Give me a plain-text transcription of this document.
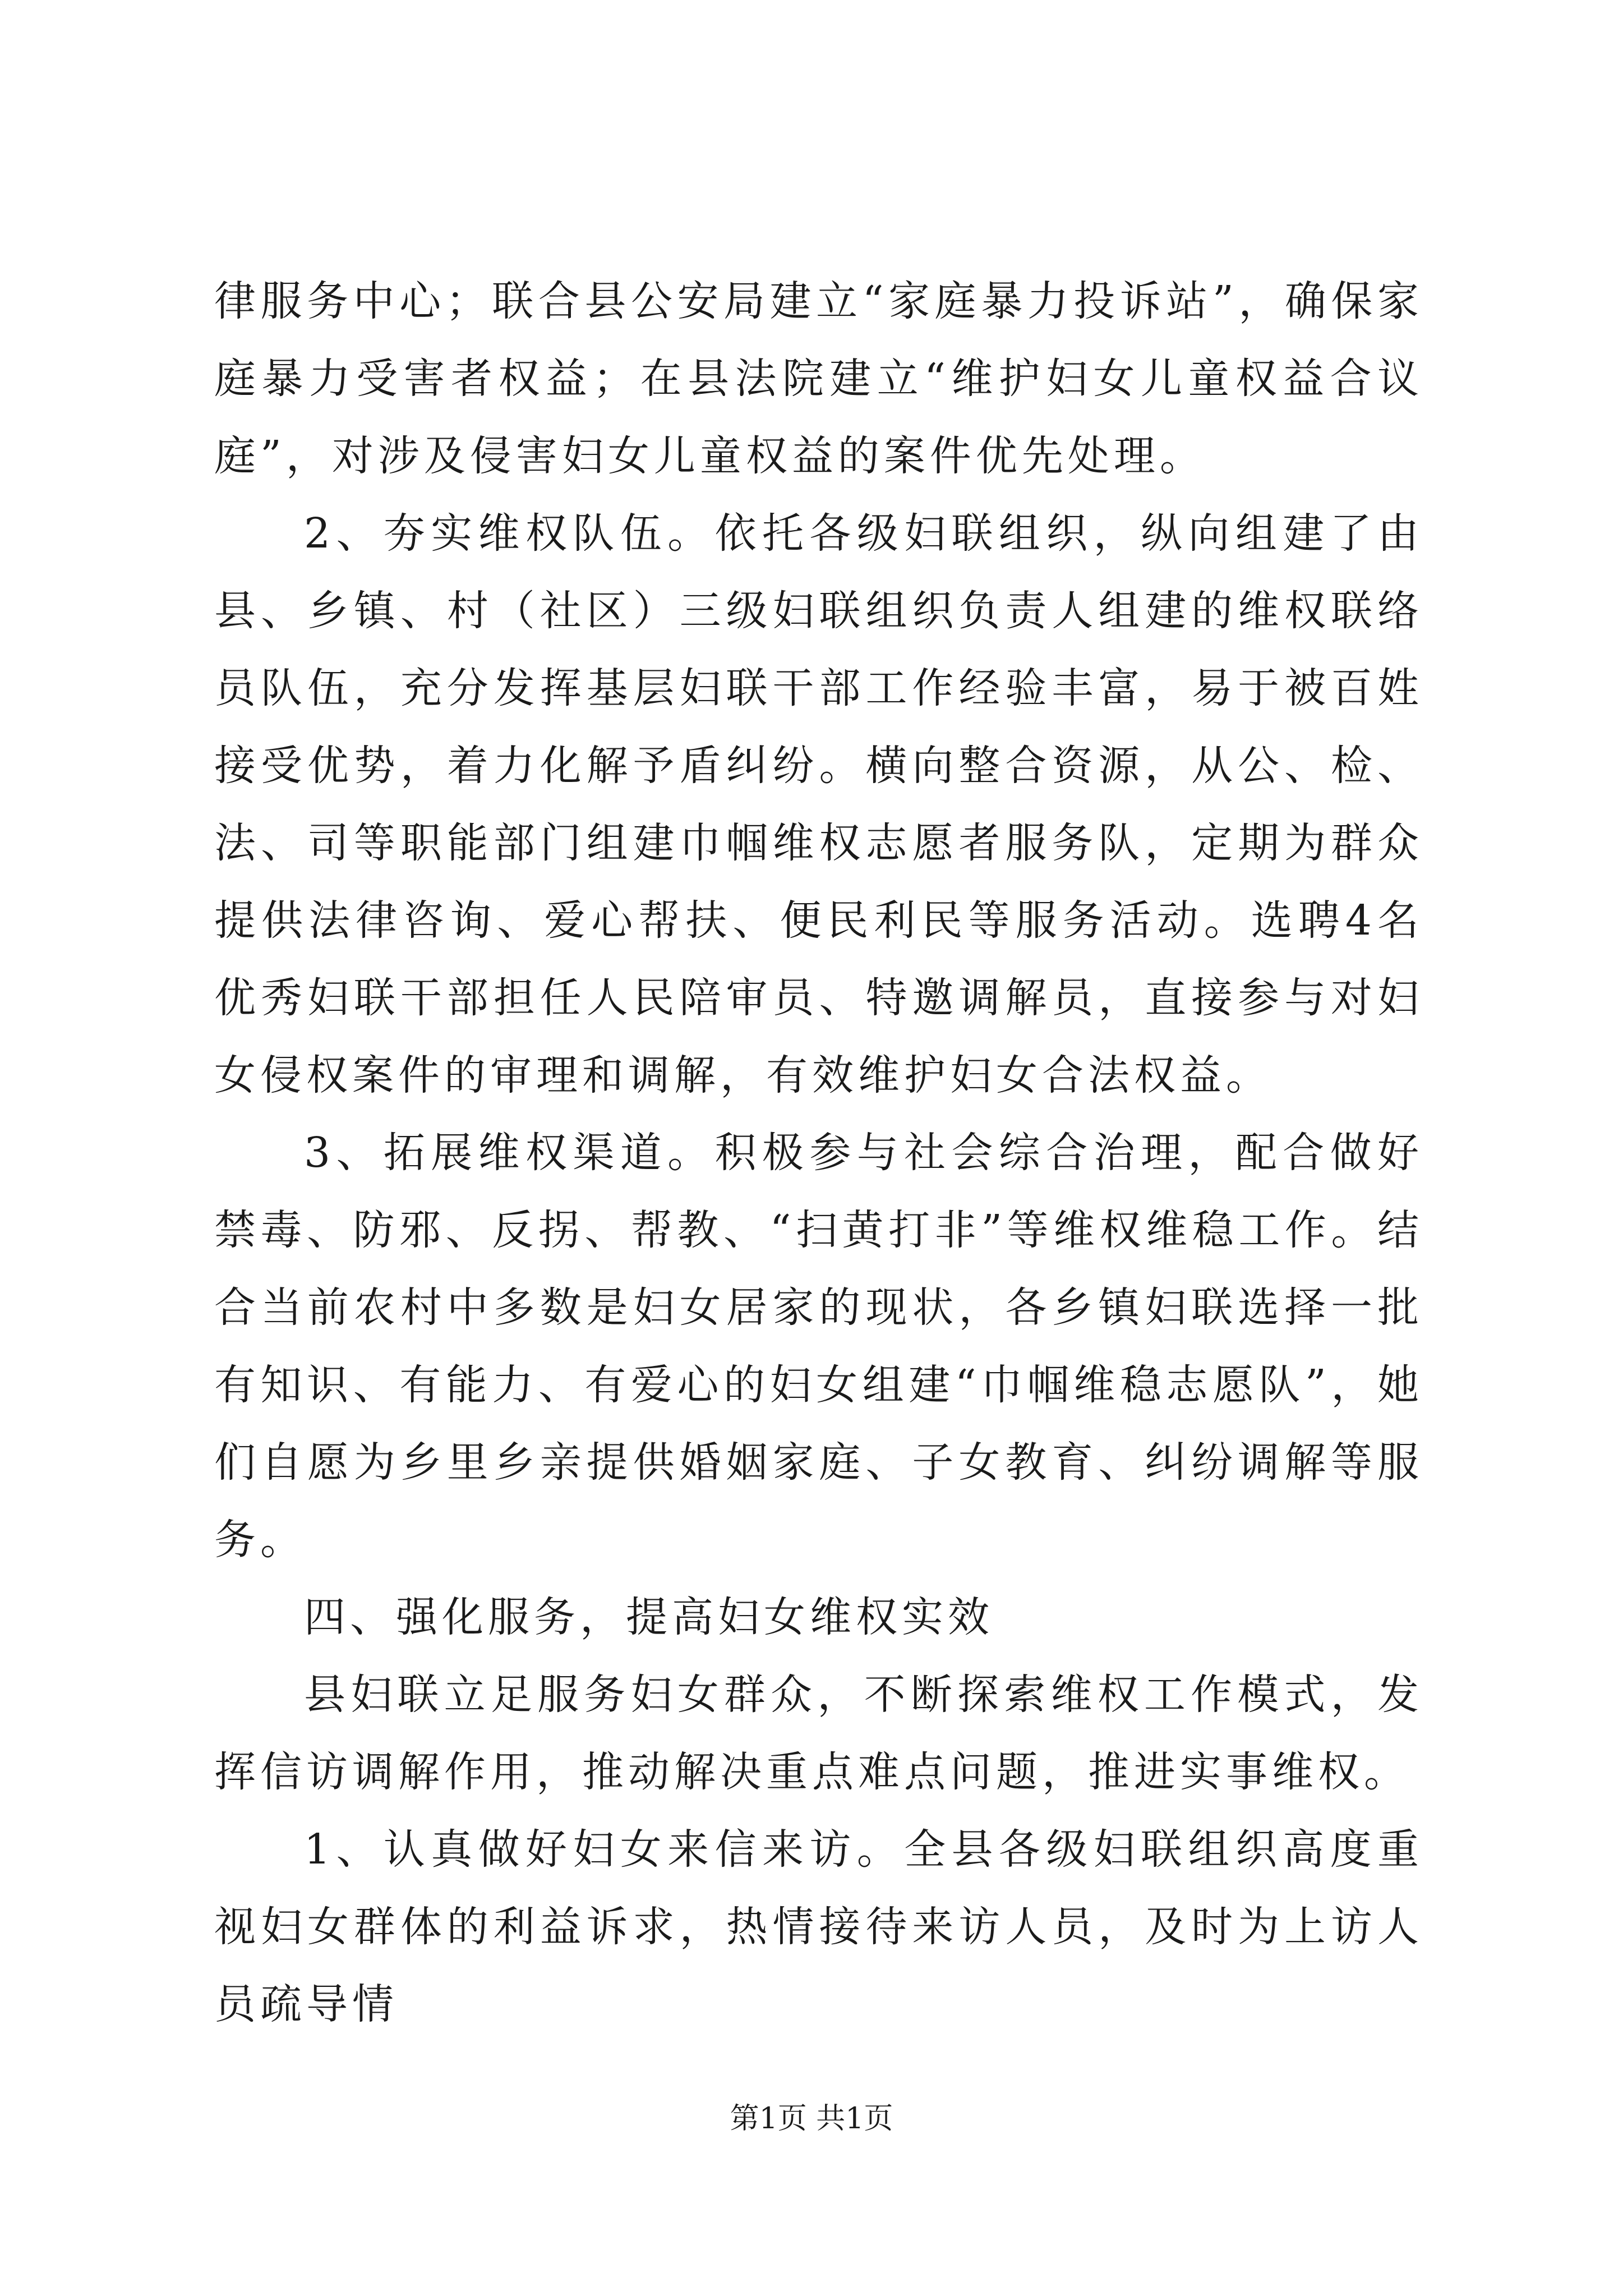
律服务中心；联合县公安局建立“家庭暴力投诉站”，确保家庭暴力受害者权益；在县法院建立“维护妇女儿童权益合议庭”，对涉及侵害妇女儿童权益的案件优先处理。

2、夯实维权队伍。依托各级妇联组织，纵向组建了由县、乡镇、村（社区）三级妇联组织负责人组建的维权联络员队伍，充分发挥基层妇联干部工作经验丰富，易于被百姓接受优势，着力化解予盾纠纷。横向整合资源，从公、检、法、司等职能部门组建巾帼维权志愿者服务队，定期为群众提供法律咨询、爱心帮扶、便民利民等服务活动。选聘4名优秀妇联干部担任人民陪审员、特邀调解员，直接参与对妇女侵权案件的审理和调解，有效维护妇女合法权益。

3、拓展维权渠道。积极参与社会综合治理，配合做好禁毒、防邪、反拐、帮教、“扫黄打非”等维权维稳工作。结合当前农村中多数是妇女居家的现状，各乡镇妇联选择一批有知识、有能力、有爱心的妇女组建“巾帼维稳志愿队”，她们自愿为乡里乡亲提供婚姻家庭、子女教育、纠纷调解等服务。

四、强化服务，提高妇女维权实效

县妇联立足服务妇女群众，不断探索维权工作模式，发挥信访调解作用，推动解决重点难点问题，推进实事维权。

1、认真做好妇女来信来访。全县各级妇联组织高度重视妇女群体的利益诉求，热情接待来访人员，及时为上访人员疏导情

第1页 共1页
